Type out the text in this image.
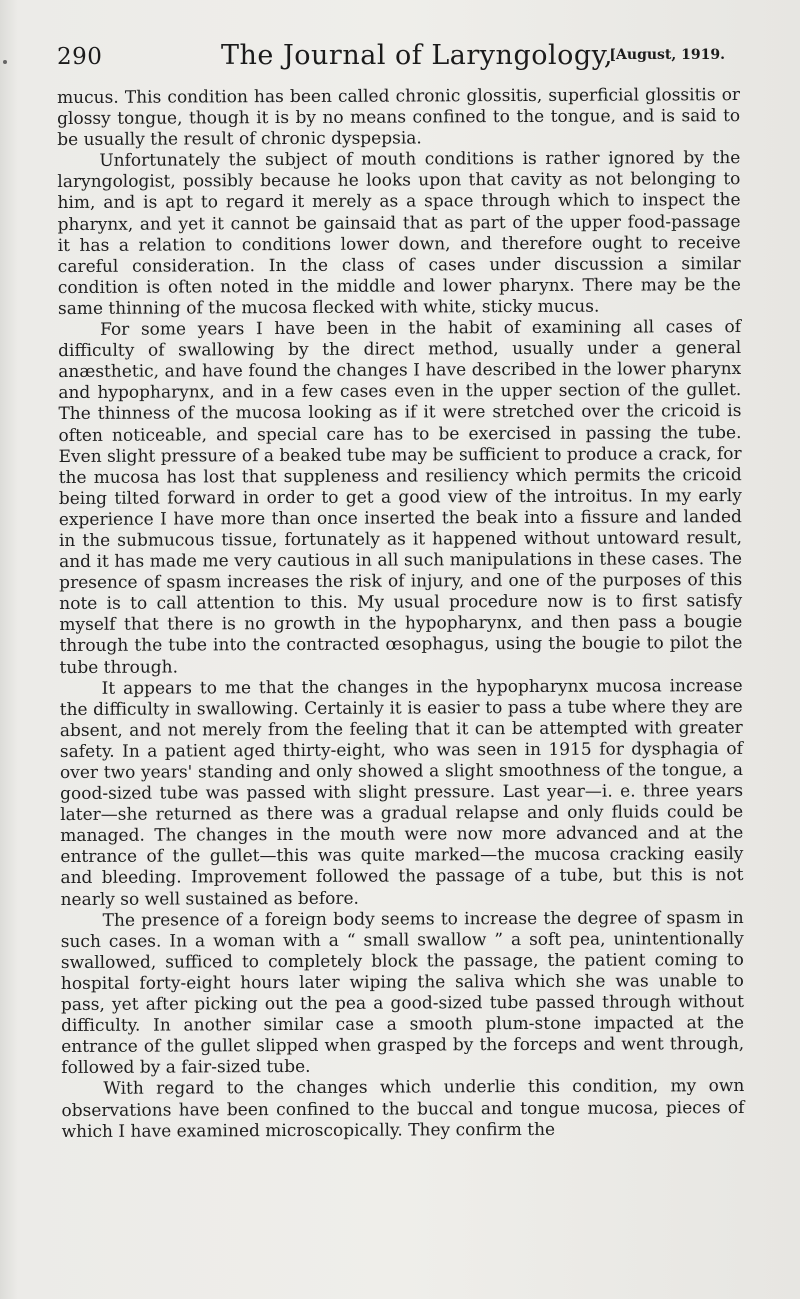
290	The Journal of Laryngology,
[August, 1919.

mucus. This condition has been called chronic glossitis, superficial glossitis or glossy tongue, though it is by no means confined to the tongue, and is said to be usually the result of chronic dyspepsia.

Unfortunately the subject of mouth conditions is rather ignored by the laryngologist, possibly because he looks upon that cavity as not belonging to him, and is apt to regard it merely as a space through which to inspect the pharynx, and yet it cannot be gainsaid that as part of the upper food-passage it has a relation to conditions lower down, and therefore ought to receive careful consideration. In the class of cases under discussion a similar condition is often noted in the middle and lower pharynx. There may be the same thinning of the mucosa flecked with white, sticky mucus.

For some years I have been in the habit of examining all cases of difficulty of swallowing by the direct method, usually under a general anæsthetic, and have found the changes I have described in the lower pharynx and hypopharynx, and in a few cases even in the upper section of the gullet. The thinness of the mucosa looking as if it were stretched over the cricoid is often noticeable, and special care has to be exercised in passing the tube. Even slight pressure of a beaked tube may be sufficient to produce a crack, for the mucosa has lost that suppleness and resiliency which permits the cricoid being tilted forward in order to get a good view of the introitus. In my early experience I have more than once inserted the beak into a fissure and landed in the submucous tissue, fortunately as it happened without untoward result, and it has made me very cautious in all such manipulations in these cases. The presence of spasm increases the risk of injury, and one of the purposes of this note is to call attention to this. My usual procedure now is to first satisfy myself that there is no growth in the hypopharynx, and then pass a bougie through the tube into the contracted œsophagus, using the bougie to pilot the tube through.

It appears to me that the changes in the hypopharynx mucosa increase the difficulty in swallowing. Certainly it is easier to pass a tube where they are absent, and not merely from the feeling that it can be attempted with greater safety. In a patient aged thirty-eight, who was seen in 1915 for dysphagia of over two years' standing and only showed a slight smoothness of the tongue, a good-sized tube was passed with slight pressure. Last year—i. e. three years later—she returned as there was a gradual relapse and only fluids could be managed. The changes in the mouth were now more advanced and at the entrance of the gullet—this was quite marked—the mucosa cracking easily and bleeding. Improvement followed the passage of a tube, but this is not nearly so well sustained as before.

The presence of a foreign body seems to increase the degree of spasm in such cases. In a woman with a “ small swallow ” a soft pea, unintentionally swallowed, sufficed to completely block the passage, the patient coming to hospital forty-eight hours later wiping the saliva which she was unable to pass, yet after picking out the pea a good-sized tube passed through without difficulty. In another similar case a smooth plum-stone impacted at the entrance of the gullet slipped when grasped by the forceps and went through, followed by a fair-sized tube.

With regard to the changes which underlie this condition, my own observations have been confined to the buccal and tongue mucosa, pieces of which I have examined microscopically. They confirm the
